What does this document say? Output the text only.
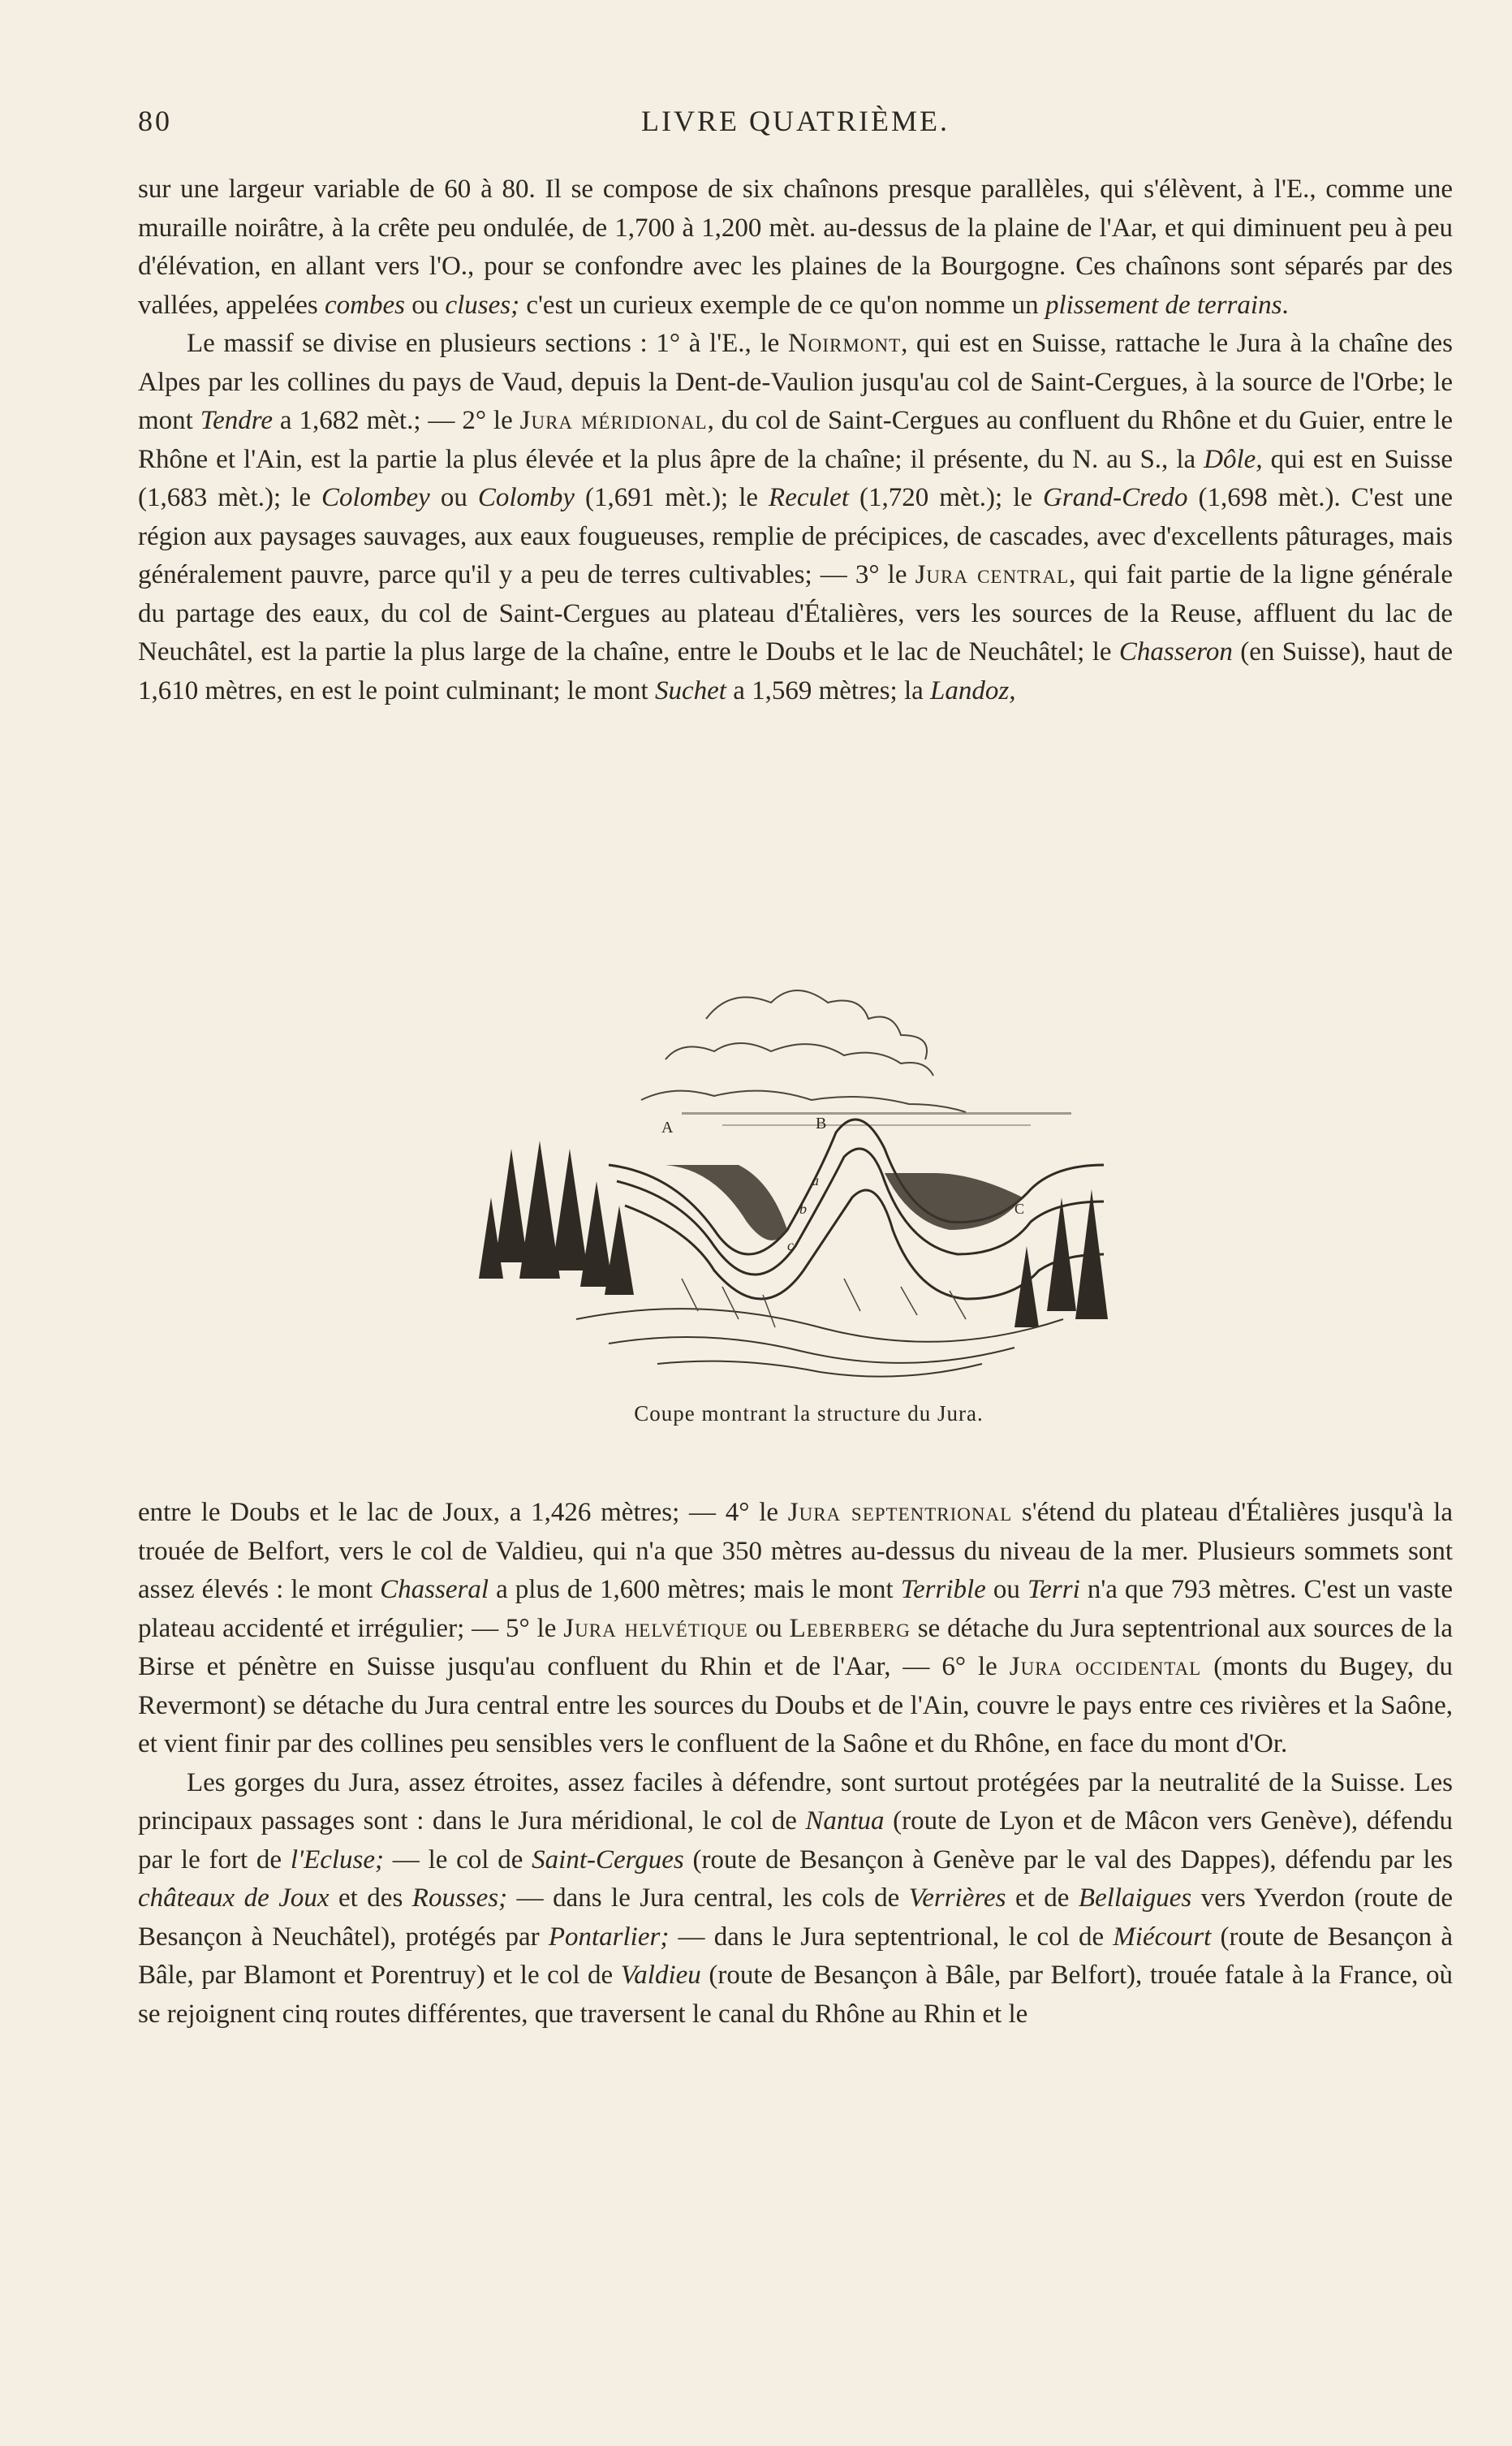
80	LIVRE QUATRIÈME.

sur une largeur variable de 60 à 80. Il se compose de six chaînons presque parallèles, qui s'élèvent, à l'E., comme une muraille noirâtre, à la crête peu ondulée, de 1,700 à 1,200 mèt. au-dessus de la plaine de l'Aar, et qui diminuent peu à peu d'élévation, en allant vers l'O., pour se confondre avec les plaines de la Bourgogne. Ces chaînons sont séparés par des vallées, appelées combes ou cluses; c'est un curieux exemple de ce qu'on nomme un plissement de terrains.

Le massif se divise en plusieurs sections : 1° à l'E., le Noirmont, qui est en Suisse, rattache le Jura à la chaîne des Alpes par les collines du pays de Vaud, depuis la Dent-de-Vaulion jusqu'au col de Saint-Cergues, à la source de l'Orbe; le mont Tendre a 1,682 mèt.; — 2° le Jura méridional, du col de Saint-Cergues au confluent du Rhône et du Guier, entre le Rhône et l'Ain, est la partie la plus élevée et la plus âpre de la chaîne; il présente, du N. au S., la Dôle, qui est en Suisse (1,683 mèt.); le Colombey ou Colomby (1,691 mèt.); le Reculet (1,720 mèt.); le Grand-Credo (1,698 mèt.). C'est une région aux paysages sauvages, aux eaux fougueuses, remplie de précipices, de cascades, avec d'excellents pâturages, mais généralement pauvre, parce qu'il y a peu de terres cultivables; — 3° le Jura central, qui fait partie de la ligne générale du partage des eaux, du col de Saint-Cergues au plateau d'Étalières, vers les sources de la Reuse, affluent du lac de Neuchâtel, est la partie la plus large de la chaîne, entre le Doubs et le lac de Neuchâtel; le Chasseron (en Suisse), haut de 1,610 mètres, en est le point culminant; le mont Suchet a 1,569 mètres; la Landoz,

A	B
a
b
c
C
Coupe montrant la structure du Jura.

entre le Doubs et le lac de Joux, a 1,426 mètres; — 4° le Jura septentrional s'étend du plateau d'Étalières jusqu'à la trouée de Belfort, vers le col de Valdieu, qui n'a que 350 mètres au-dessus du niveau de la mer. Plusieurs sommets sont assez élevés : le mont Chasseral a plus de 1,600 mètres; mais le mont Terrible ou Terri n'a que 793 mètres. C'est un vaste plateau accidenté et irrégulier; — 5° le Jura helvétique ou Leberberg se détache du Jura septentrional aux sources de la Birse et pénètre en Suisse jusqu'au confluent du Rhin et de l'Aar, — 6° le Jura occidental (monts du Bugey, du Revermont) se détache du Jura central entre les sources du Doubs et de l'Ain, couvre le pays entre ces rivières et la Saône, et vient finir par des collines peu sensibles vers le confluent de la Saône et du Rhône, en face du mont d'Or.

Les gorges du Jura, assez étroites, assez faciles à défendre, sont surtout protégées par la neutralité de la Suisse. Les principaux passages sont : dans le Jura méridional, le col de Nantua (route de Lyon et de Mâcon vers Genève), défendu par le fort de l'Ecluse; — le col de Saint-Cergues (route de Besançon à Genève par le val des Dappes), défendu par les châteaux de Joux et des Rousses; — dans le Jura central, les cols de Verrières et de Bellaigues vers Yverdon (route de Besançon à Neuchâtel), protégés par Pontarlier; — dans le Jura septentrional, le col de Miécourt (route de Besançon à Bâle, par Blamont et Porentruy) et le col de Valdieu (route de Besançon à Bâle, par Belfort), trouée fatale à la France, où se rejoignent cinq routes différentes, que traversent le canal du Rhône au Rhin et le
